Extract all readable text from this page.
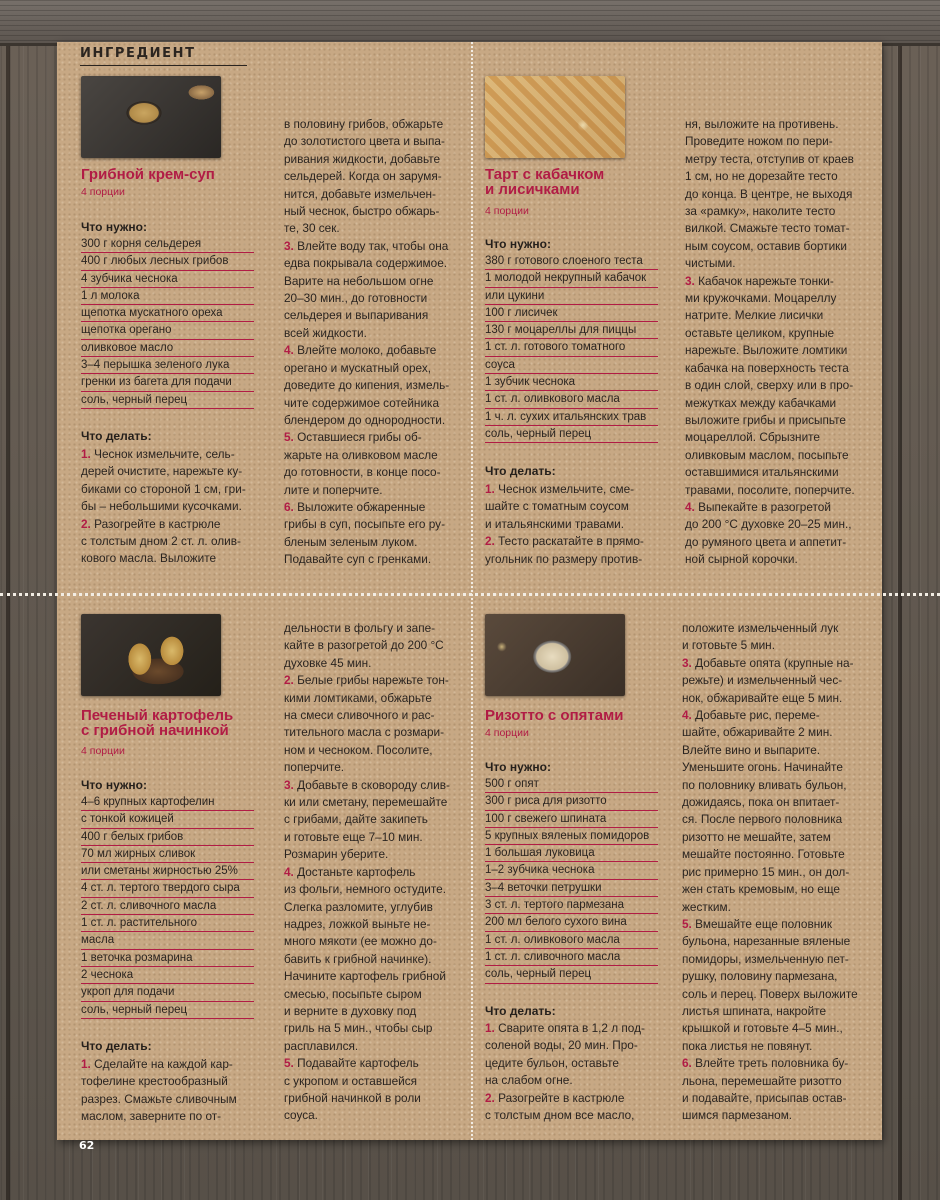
ИНГРЕДИЕНТ
Грибной крем-суп
4 порции
Что нужно:
300 г корня сельдерея
400 г любых лесных грибов
4 зубчика чеснока
1 л молока
щепотка мускатного ореха
щепотка орегано
оливковое масло
3–4 перышка зеленого лука
гренки из багета для подачи
соль, черный перец
Что делать:

1. Чеснок измельчите, сель-

дерей очистите, нарежьте ку-

биками со стороной 1 см, гри-

бы – небольшими кусочками.

2. Разогрейте в кастрюле

с толстым дном 2 ст. л. олив-

кового масла. Выложите

в половину грибов, обжарьте

до золотистого цвета и выпа-

ривания жидкости, добавьте

сельдерей. Когда он зарумя-

нится, добавьте измельчен-

ный чеснок, быстро обжарь-

те, 30 сек.

3. Влейте воду так, чтобы она

едва покрывала содержимое.

Варите на небольшом огне

20–30 мин., до готовности

сельдерея и выпаривания

всей жидкости.

4. Влейте молоко, добавьте

орегано и мускатный орех,

доведите до кипения, измель-

чите содержимое сотейника

блендером до однородности.

5. Оставшиеся грибы об-

жарьте на оливковом масле

до готовности, в конце посо-

лите и поперчите.

6. Выложите обжаренные

грибы в суп, посыпьте его ру-

бленым зеленым луком.

Подавайте суп с гренками.

Тарт с кабачком
и лисичками
4 порции
Что нужно:
380 г готового слоеного теста
1 молодой некрупный кабачок
или цукини
100 г лисичек
130 г моцареллы для пиццы
1 ст. л. готового томатного
соуса
1 зубчик чеснока
1 ст. л. оливкового масла
1 ч. л. сухих итальянских трав
соль, черный перец
Что делать:

1. Чеснок измельчите, сме-

шайте с томатным соусом

и итальянскими травами.

2. Тесто раскатайте в прямо-

угольник по размеру против-

ня, выложите на противень.

Проведите ножом по пери-

метру теста, отступив от краев

1 см, но не дорезайте тесто

до конца. В центре, не выходя

за «рамку», наколите тесто

вилкой. Смажьте тесто томат-

ным соусом, оставив бортики

чистыми.

3. Кабачок нарежьте тонки-

ми кружочками. Моцареллу

натрите. Мелкие лисички

оставьте целиком, крупные

нарежьте. Выложите ломтики

кабачка на поверхность теста

в один слой, сверху или в про-

межутках между кабачками

выложите грибы и присыпьте

моцареллой. Сбрызните

оливковым маслом, посыпьте

оставшимися итальянскими

травами, посолите, поперчите.

4. Выпекайте в разогретой

до 200 °С духовке 20–25 мин.,

до румяного цвета и аппетит-

ной сырной корочки.

Печеный картофель
с грибной начинкой
4 порции
Что нужно:
4–6 крупных картофелин
с тонкой кожицей
400 г белых грибов
70 мл жирных сливок
или сметаны жирностью 25%
4 ст. л. тертого твердого сыра
2 ст. л. сливочного масла
1 ст. л. растительного
масла
1 веточка розмарина
2 чеснока
укроп для подачи
соль, черный перец
Что делать:

1. Сделайте на каждой кар-

тофелине крестообразный

разрез. Смажьте сливочным

маслом, заверните по от-

дельности в фольгу и запе-

кайте в разогретой до 200 °С

духовке 45 мин.

2. Белые грибы нарежьте тон-

кими ломтиками, обжарьте

на смеси сливочного и рас-

тительного масла с розмари-

ном и чесноком. Посолите,

поперчите.

3. Добавьте в сковороду слив-

ки или сметану, перемешайте

с грибами, дайте закипеть

и готовьте еще 7–10 мин.

Розмарин уберите.

4. Достаньте картофель

из фольги, немного остудите.

Слегка разломите, углубив

надрез, ложкой выньте не-

много мякоти (ее можно до-

бавить к грибной начинке).

Начините картофель грибной

смесью, посыпьте сыром

и верните в духовку под

гриль на 5 мин., чтобы сыр

расплавился.

5. Подавайте картофель

с укропом и оставшейся

грибной начинкой в роли

соуса.

Ризотто с опятами
4 порции
Что нужно:
500 г опят
300 г риса для ризотто
100 г свежего шпината
5 крупных вяленых помидоров
1 большая луковица
1–2 зубчика чеснока
3–4 веточки петрушки
3 ст. л. тертого пармезана
200 мл белого сухого вина
1 ст. л. оливкового масла
1 ст. л. сливочного масла
соль, черный перец
Что делать:

1. Сварите опята в 1,2 л под-

соленой воды, 20 мин. Про-

цедите бульон, оставьте

на слабом огне.

2. Разогрейте в кастрюле

с толстым дном все масло,

положите измельченный лук

и готовьте 5 мин.

3. Добавьте опята (крупные на-

режьте) и измельченный чес-

нок, обжаривайте еще 5 мин.

4. Добавьте рис, переме-

шайте, обжаривайте 2 мин.

Влейте вино и выпарите.

Уменьшите огонь. Начинайте

по половнику вливать бульон,

дожидаясь, пока он впитает-

ся. После первого половника

ризотто не мешайте, затем

мешайте постоянно. Готовьте

рис примерно 15 мин., он дол-

жен стать кремовым, но еще

жестким.

5. Вмешайте еще половник

бульона, нарезанные вяленые

помидоры, измельченную пет-

рушку, половину пармезана,

соль и перец. Поверх выложите

листья шпината, накройте

крышкой и готовьте 4–5 мин.,

пока листья не повянут.

6. Влейте треть половника бу-

льона, перемешайте ризотто

и подавайте, присыпав остав-

шимся пармезаном.

62
